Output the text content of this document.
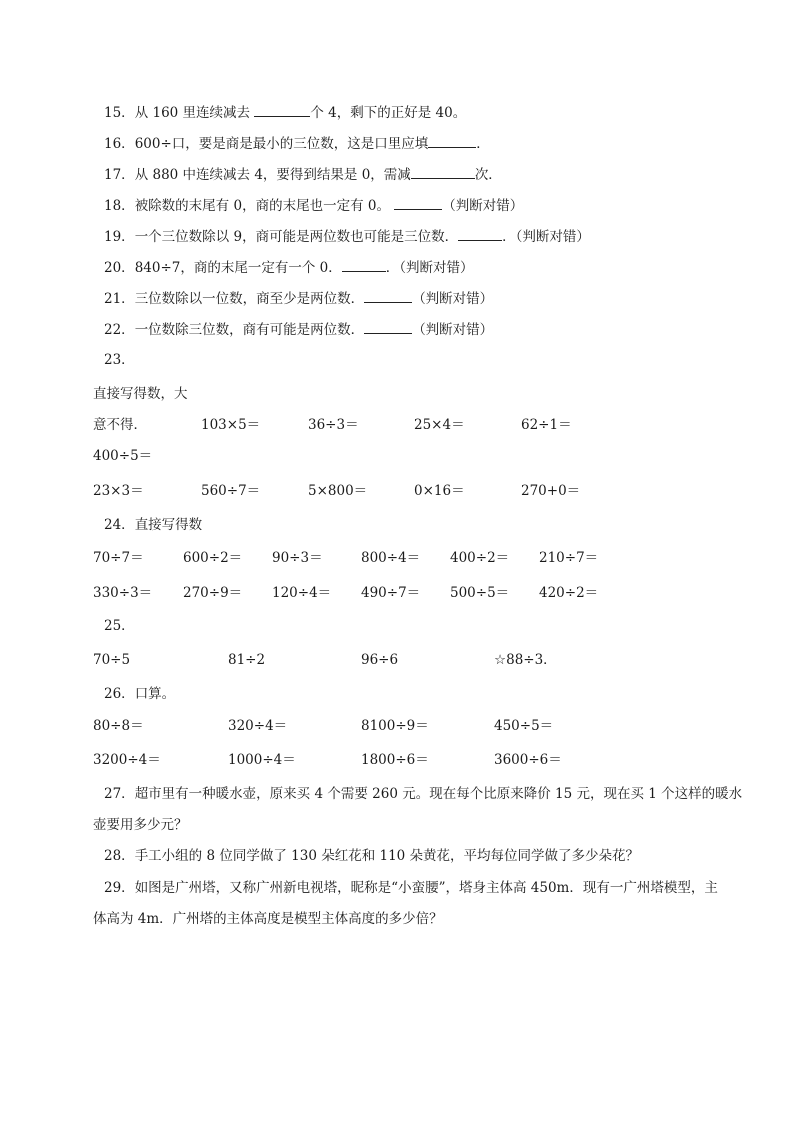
15．从 160 里连续减去	个 4，剩下的正好是 40。
16．600÷口，要是商是最小的三位数，这是口里应填	．
17．从 880 中连续减去 4，要得到结果是 0，需减	次．
18．被除数的末尾有 0，商的末尾也一定有 0。	（判断对错）
19．一个三位数除以 9，商可能是两位数也可能是三位数．	．（判断对错）
20．840÷7，商的末尾一定有一个 0．	．（判断对错）
21．三位数除以一位数，商至少是两位数．	（判断对错）
22．一位数除三位数，商有可能是两位数．	（判断对错）
23．
直接写得数，大
意不得．	103×5＝	36÷3＝	25×4＝	62÷1＝
400÷5＝
23×3＝	560÷7＝	5×800＝	0×16＝	270+0＝
24．直接写得数
70÷7＝	600÷2＝ 90÷3＝	800÷4＝ 400÷2＝ 210÷7＝
330÷3＝ 270÷9＝ 120÷4＝ 490÷7＝ 500÷5＝ 420÷2＝
25．
70÷5	81÷2	96÷6	☆88÷3．
26．口算。
80÷8＝	320÷4＝	8100÷9＝	450÷5＝
3200÷4＝	1000÷4＝	1800÷6＝	3600÷6＝
27．超市里有一种暖水壶，原来买 4 个需要 260 元。现在每个比原来降价 15 元，现在买 1 个这样的暖水
壶要用多少元？
28．手工小组的 8 位同学做了 130 朵红花和 110 朵黄花，平均每位同学做了多少朵花？
29．如图是广州塔，又称广州新电视塔，昵称是“小蛮腰”，塔身主体高 450m．现有一广州塔模型，主
体高为 4m．广州塔的主体高度是模型主体高度的多少倍？
